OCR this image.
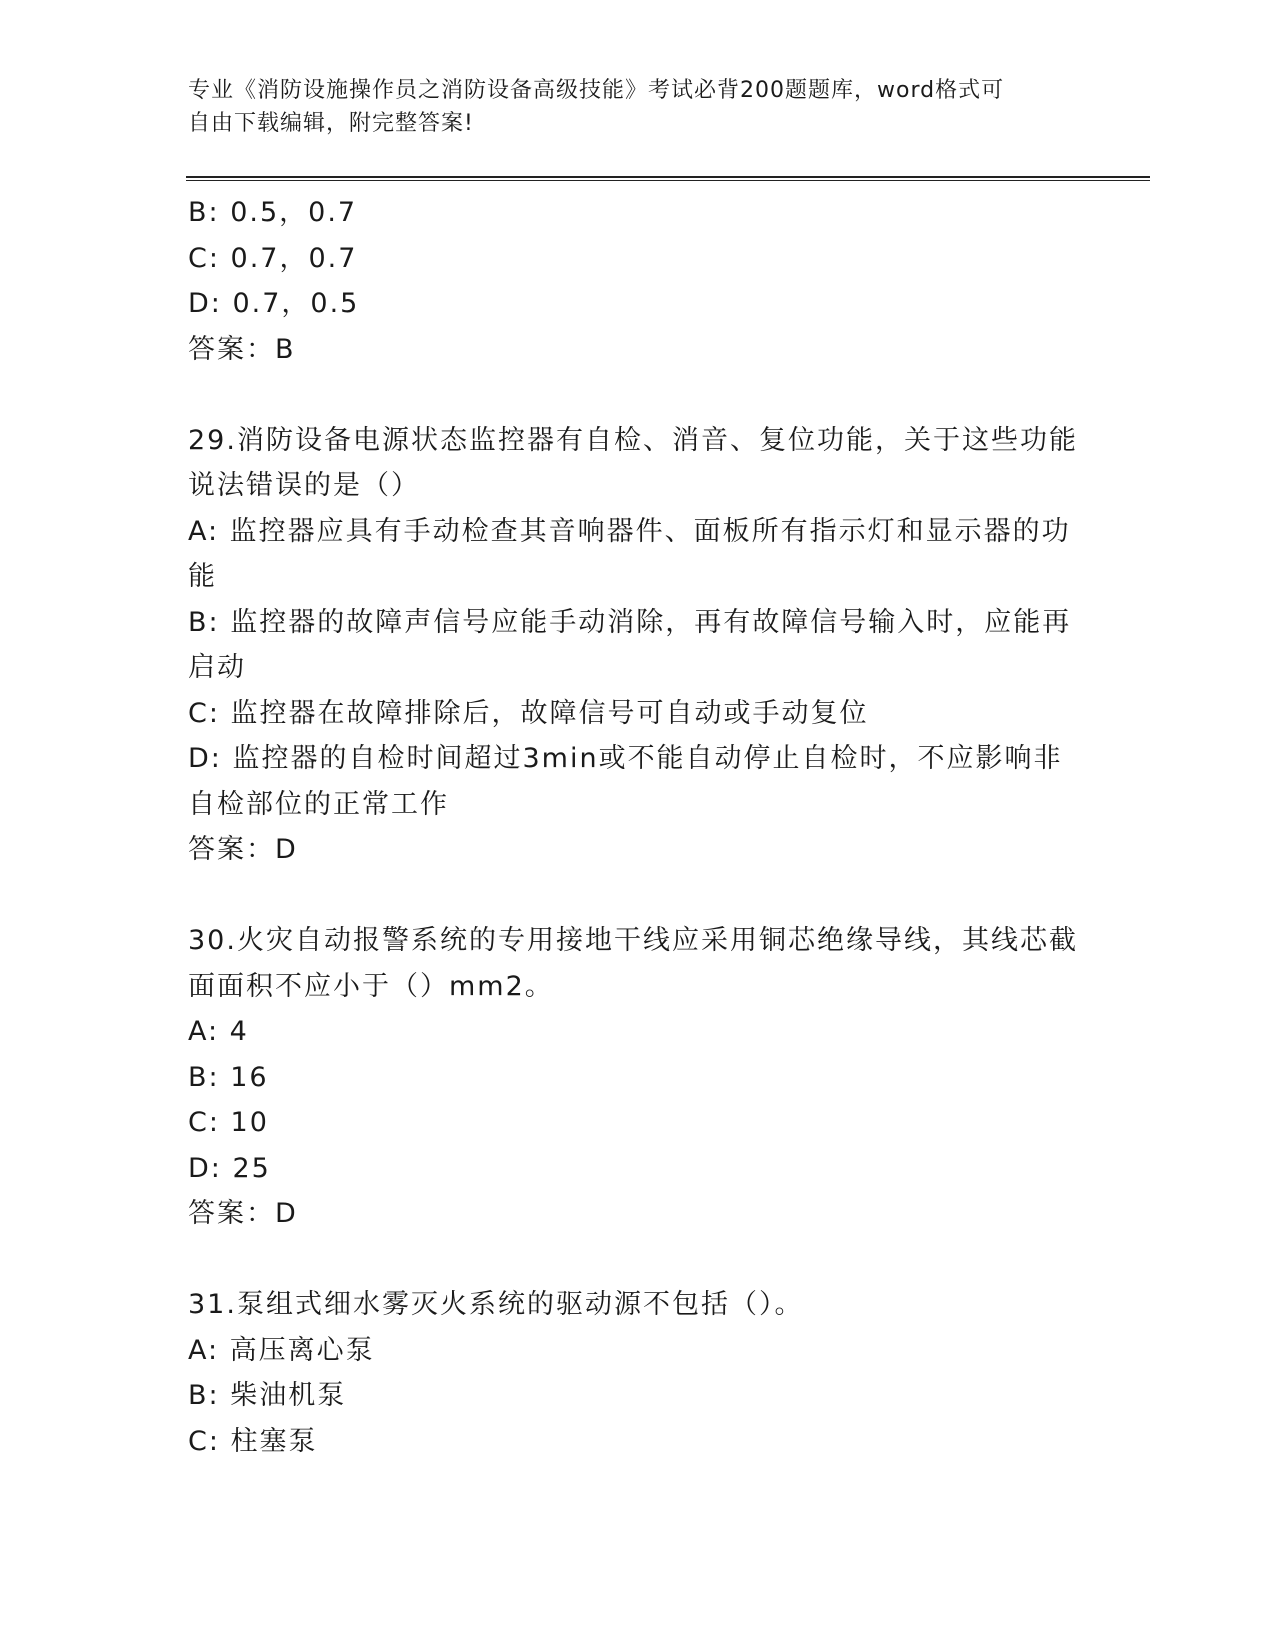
专业《消防设施操作员之消防设备高级技能》考试必背200题题库，word格式可
自由下载编辑，附完整答案!
B: 0.5，0.7
C: 0.7，0.7
D: 0.7，0.5
答案：B
29.消防设备电源状态监控器有自检、消音、复位功能，关于这些功能
说法错误的是（）
A: 监控器应具有手动检查其音响器件、面板所有指示灯和显示器的功
能
B: 监控器的故障声信号应能手动消除，再有故障信号输入时，应能再
启动
C: 监控器在故障排除后，故障信号可自动或手动复位
D: 监控器的自检时间超过3min或不能自动停止自检时，不应影响非
自检部位的正常工作
答案：D
30.火灾自动报警系统的专用接地干线应采用铜芯绝缘导线，其线芯截
面面积不应小于（）mm2。
A: 4
B: 16
C: 10
D: 25
答案：D
31.泵组式细水雾灭火系统的驱动源不包括（）。
A: 高压离心泵
B: 柴油机泵
C: 柱塞泵
